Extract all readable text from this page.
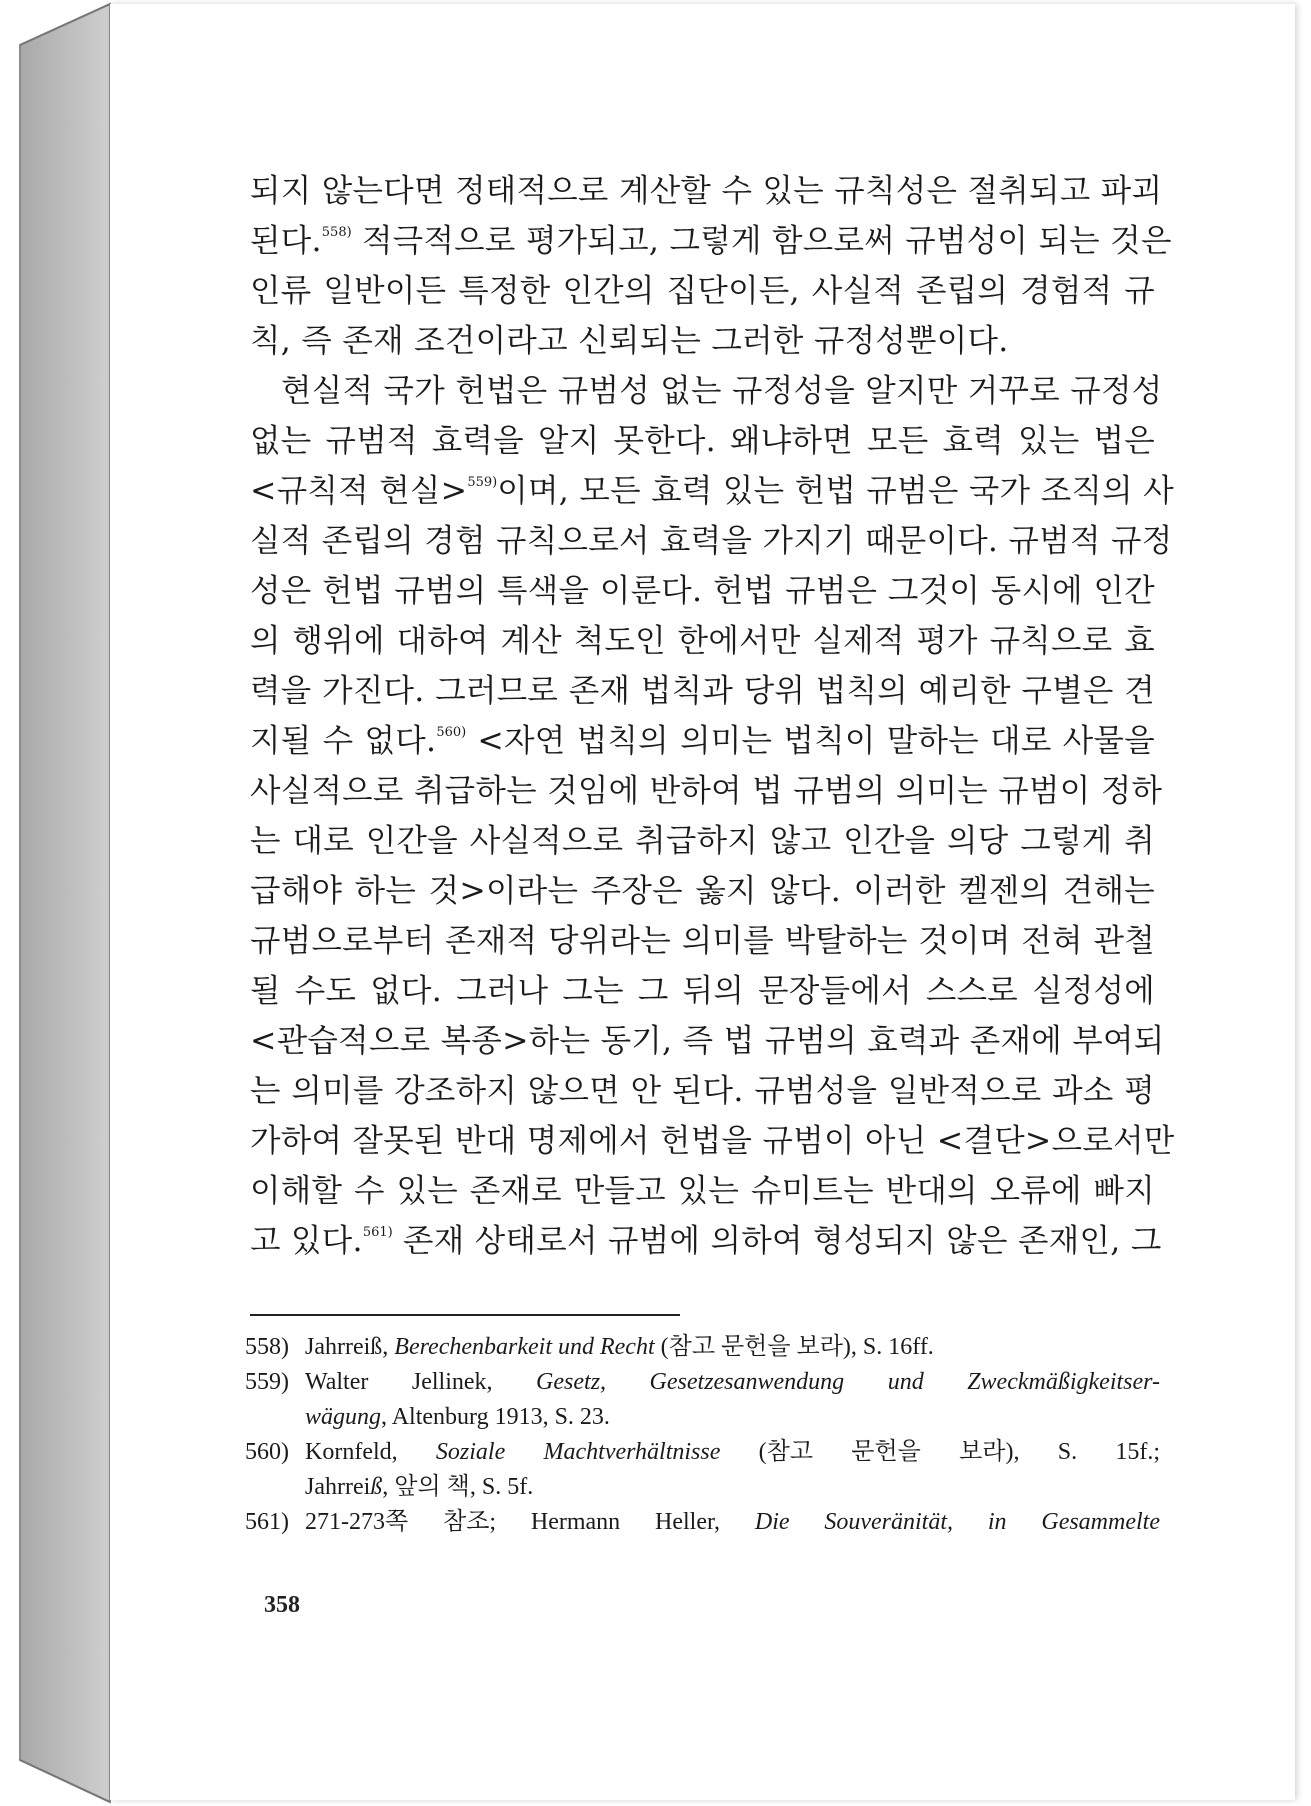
되지 않는다면 정태적으로 계산할 수 있는 규칙성은 절취되고 파괴
된다.$^{558)}$ 적극적으로 평가되고, 그렇게 함으로써 규범성이 되는 것은
인류 일반이든 특정한 인간의 집단이든, 사실적 존립의 경험적 규
칙, 즉 존재 조건이라고 신뢰되는 그러한 규정성뿐이다.
현실적 국가 헌법은 규범성 없는 규정성을 알지만 거꾸로 규정성
없는 규범적 효력을 알지 못한다. 왜냐하면 모든 효력 있는 법은
<규칙적 현실>$^{559)}$이며, 모든 효력 있는 헌법 규범은 국가 조직의 사
실적 존립의 경험 규칙으로서 효력을 가지기 때문이다. 규범적 규정
성은 헌법 규범의 특색을 이룬다. 헌법 규범은 그것이 동시에 인간
의 행위에 대하여 계산 척도인 한에서만 실제적 평가 규칙으로 효
력을 가진다. 그러므로 존재 법칙과 당위 법칙의 예리한 구별은 견
지될 수 없다.$^{560)}$ <자연 법칙의 의미는 법칙이 말하는 대로 사물을
사실적으로 취급하는 것임에 반하여 법 규범의 의미는 규범이 정하
는 대로 인간을 사실적으로 취급하지 않고 인간을 의당 그렇게 취
급해야 하는 것>이라는 주장은 옳지 않다. 이러한 켈젠의 견해는
규범으로부터 존재적 당위라는 의미를 박탈하는 것이며 전혀 관철
될 수도 없다. 그러나 그는 그 뒤의 문장들에서 스스로 실정성에
<관습적으로 복종>하는 동기, 즉 법 규범의 효력과 존재에 부여되
는 의미를 강조하지 않으면 안 된다. 규범성을 일반적으로 과소 평
가하여 잘못된 반대 명제에서 헌법을 규범이 아닌 <결단>으로서만
이해할 수 있는 존재로 만들고 있는 슈미트는 반대의 오류에 빠지
고 있다.$^{561)}$ 존재 상태로서 규범에 의하여 형성되지 않은 존재인, 그
558) Jahrreiß, Berechenbarkeit und Recht (참고 문헌을 보라), S. 16ff.
559) Walter Jellinek, Gesetz, Gesetzesanwendung und Zweckmäßigkeitser-
wägung, Altenburg 1913, S. 23.
560) Kornfeld, Soziale Machtverhältnisse (참고 문헌을 보라), S. 15f.;
Jahrreiß, 앞의 책, S. 5f.
561) 271-273쪽 참조; Hermann Heller, Die Souveränität, in Gesammelte
358
